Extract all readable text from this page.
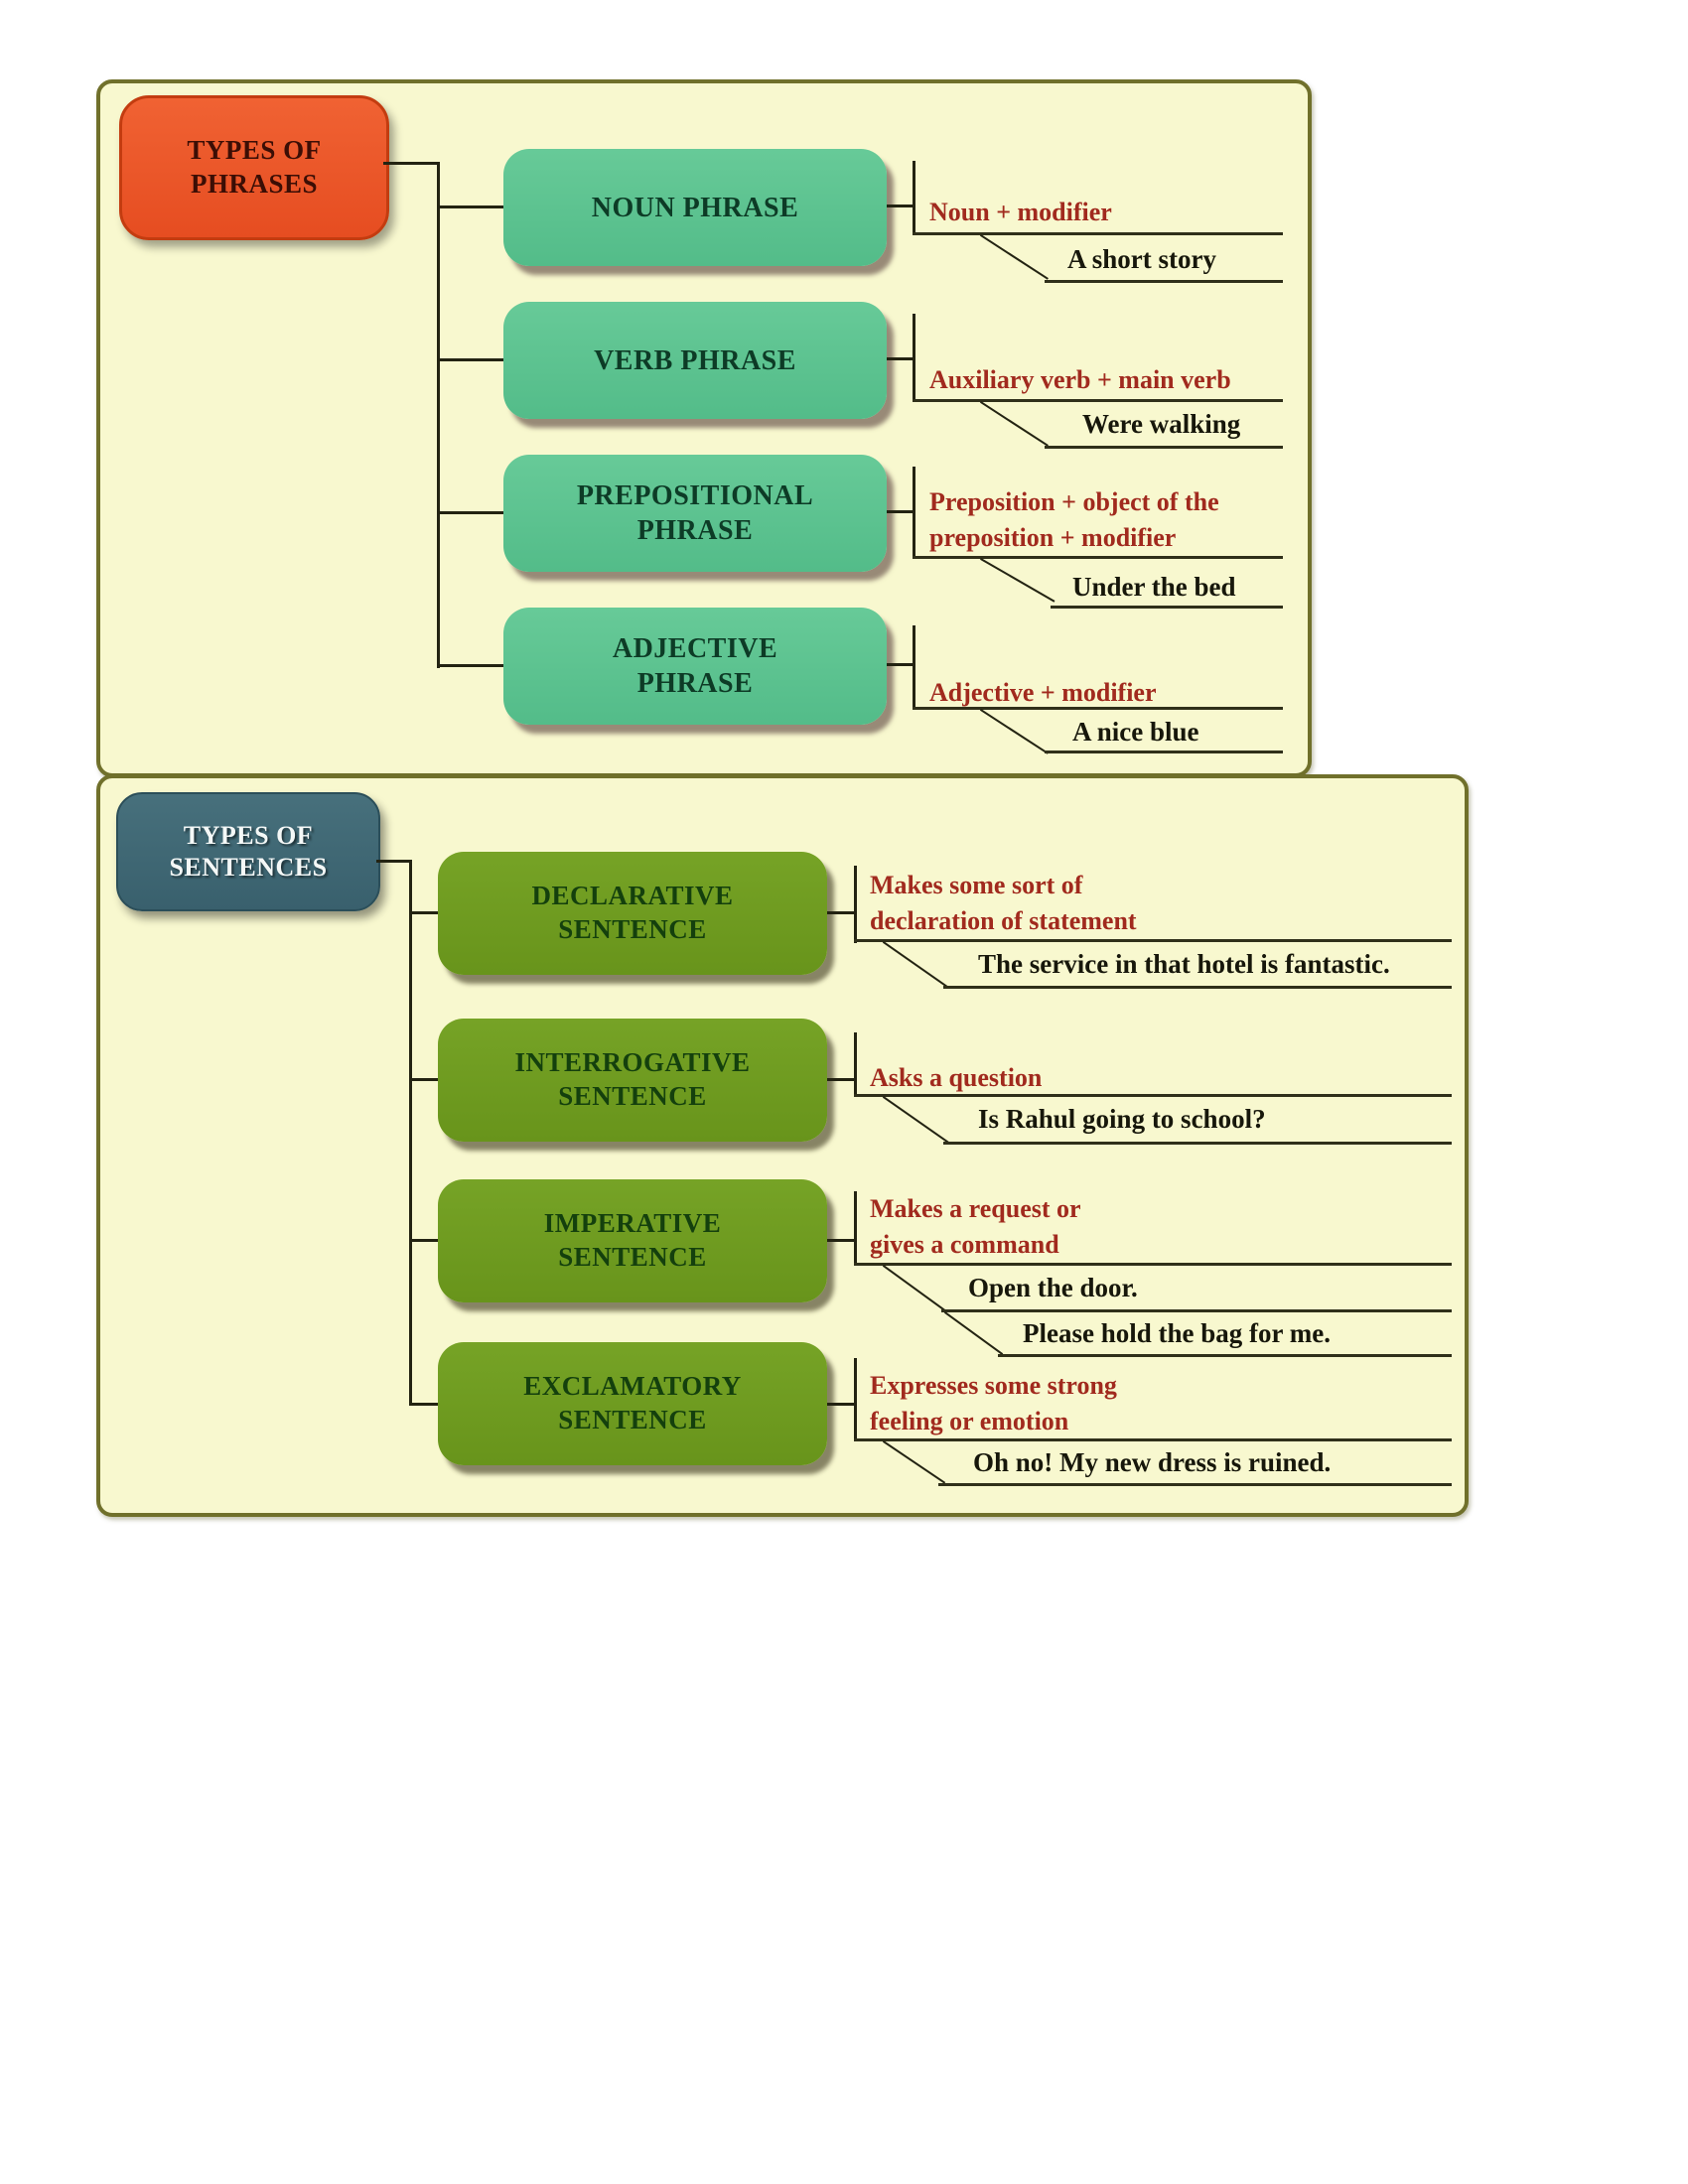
TYPES OF
PHRASES
NOUN PHRASE
VERB PHRASE
PREPOSITIONAL
PHRASE
ADJECTIVE
PHRASE
Noun + modifier
A short story
Auxiliary verb + main verb
Were walking
Preposition + object of the
preposition + modifier
Under the bed
Adjective + modifier
A nice blue
TYPES OF
SENTENCES
DECLARATIVE
SENTENCE
INTERROGATIVE
SENTENCE
IMPERATIVE
SENTENCE
EXCLAMATORY
SENTENCE
Makes some sort of
declaration of statement
The service in that hotel is fantastic.
Asks a question
Is Rahul going to school?
Makes a request or
gives a command
Open the door.
Please hold the bag for me.
Expresses some strong
feeling or emotion
Oh no! My new dress is ruined.
